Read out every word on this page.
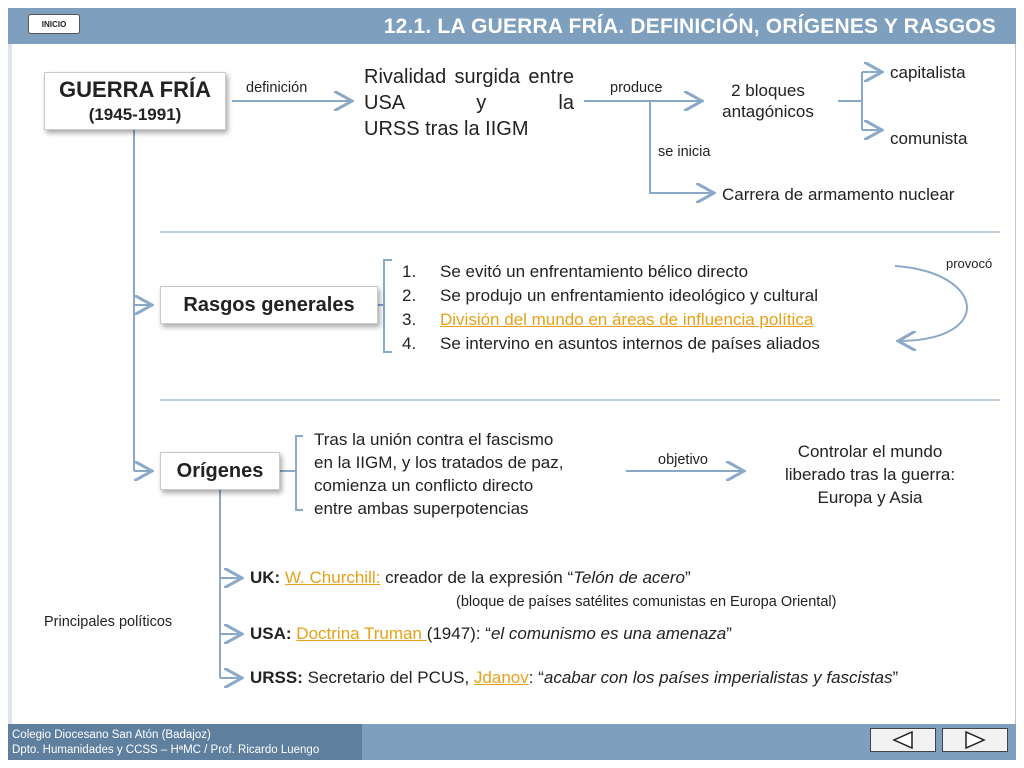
12.1. LA GUERRA FRÍA. DEFINICIÓN, ORÍGENES Y RASGOS
INICIO
GUERRA FRÍA
(1945-1991)
definición	Rivalidad surgida entre USA y la
URSS tras la IIGM
produce	2 bloques
antagónicos
capitalista
comunista
se inicia
Carrera de armamento nuclear
Rasgos generales
provocó
1.	Se evitó un enfrentamiento bélico directo
2.	Se produjo un enfrentamiento ideológico y cultural
3.	División del mundo en áreas de influencia política
4.	Se intervino en asuntos internos de países aliados
Orígenes
Tras la unión contra el fascismo
en la IIGM, y los tratados de paz,
comienza un conflicto directo
entre ambas superpotencias
objetivo	Controlar el mundo
liberado tras la guerra:
Europa y Asia
Principales políticos
UK: W. Churchill: creador de la expresión “Telón de acero”
(bloque de países satélites comunistas en Europa Oriental)
USA: Doctrina Truman (1947): “el comunismo es una amenaza”
URSS: Secretario del PCUS, Jdanov: “acabar con los países imperialistas y fascistas”
Colegio Diocesano San Atón (Badajoz)
Dpto. Humanidades y CCSS – HªMC / Prof. Ricardo Luengo
